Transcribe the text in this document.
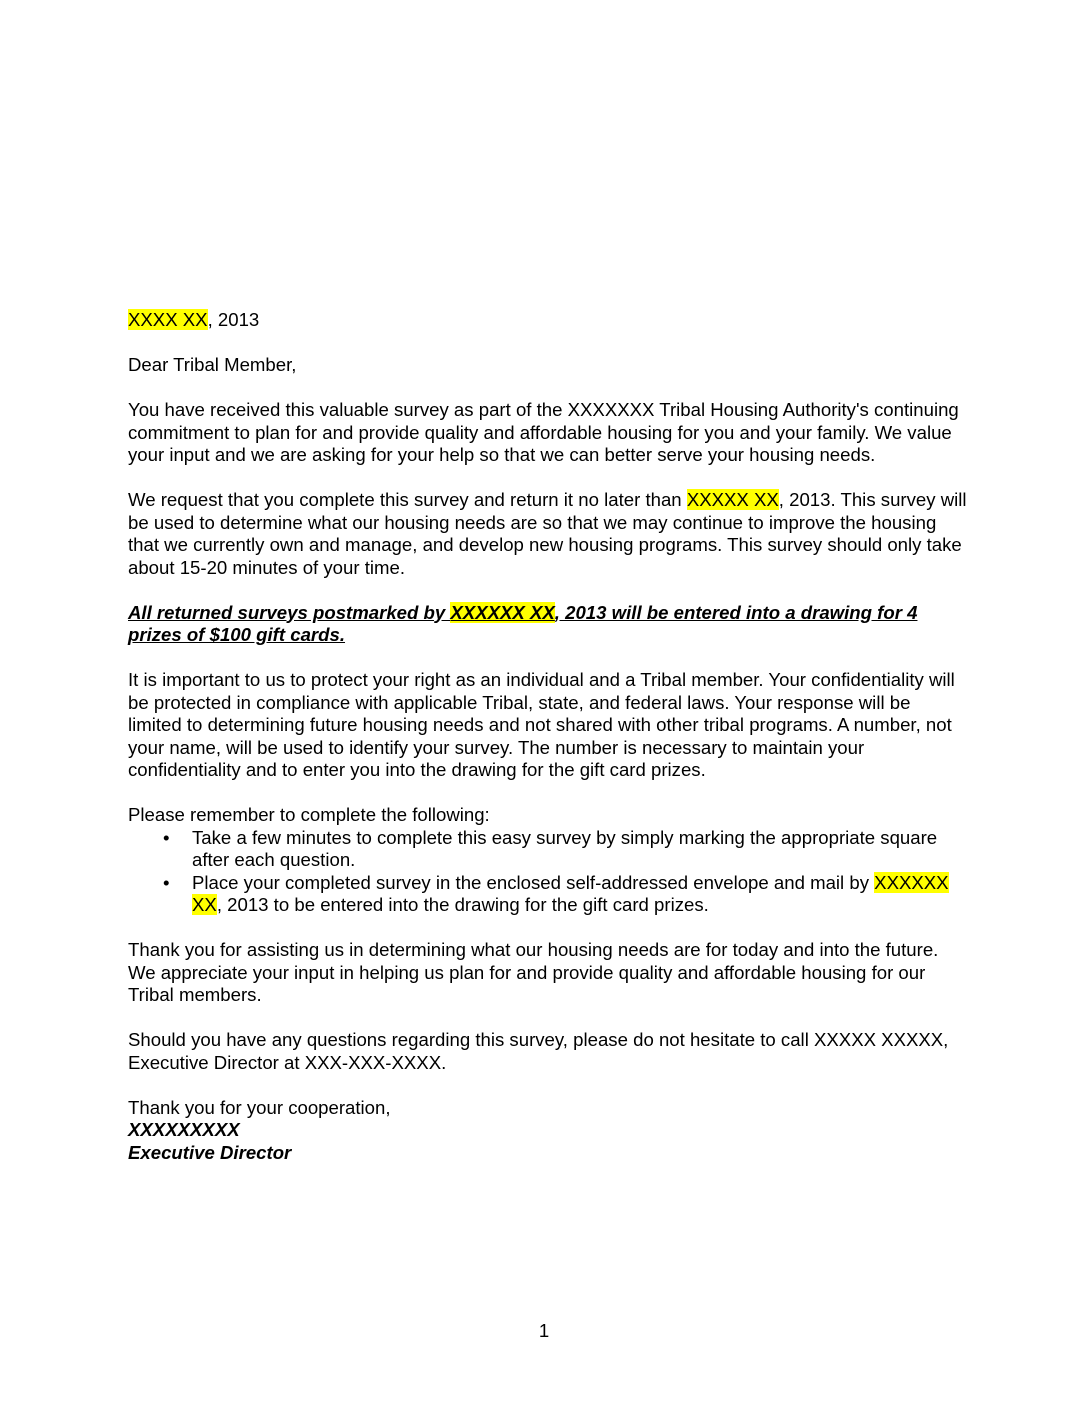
XXXX XX, 2013

Dear Tribal Member,

You have received this valuable survey as part of the XXXXXXX Tribal Housing Authority's continuing commitment to plan for and provide quality and affordable housing for you and your family. We value your input and we are asking for your help so that we can better serve your housing needs.

We request that you complete this survey and return it no later than XXXXX XX, 2013. This survey will be used to determine what our housing needs are so that we may continue to improve the housing that we currently own and manage, and develop new housing programs. This survey should only take about 15-20 minutes of your time.

All returned surveys postmarked by XXXXXX XX, 2013 will be entered into a drawing for 4 prizes of $100 gift cards.

It is important to us to protect your right as an individual and a Tribal member. Your confidentiality will be protected in compliance with applicable Tribal, state, and federal laws. Your response will be limited to determining future housing needs and not shared with other tribal programs. A number, not your name, will be used to identify your survey. The number is necessary to maintain your confidentiality and to enter you into the drawing for the gift card prizes.

Please remember to complete the following:

• Take a few minutes to complete this easy survey by simply marking the appropriate square after each question.
• Place your completed survey in the enclosed self-addressed envelope and mail by XXXXXX XX, 2013 to be entered into the drawing for the gift card prizes.

Thank you for assisting us in determining what our housing needs are for today and into the future. We appreciate your input in helping us plan for and provide quality and affordable housing for our Tribal members.

Should you have any questions regarding this survey, please do not hesitate to call XXXXX XXXXX, Executive Director at XXX-XXX-XXXX.

Thank you for your cooperation,

XXXXXXXXX

Executive Director

1
